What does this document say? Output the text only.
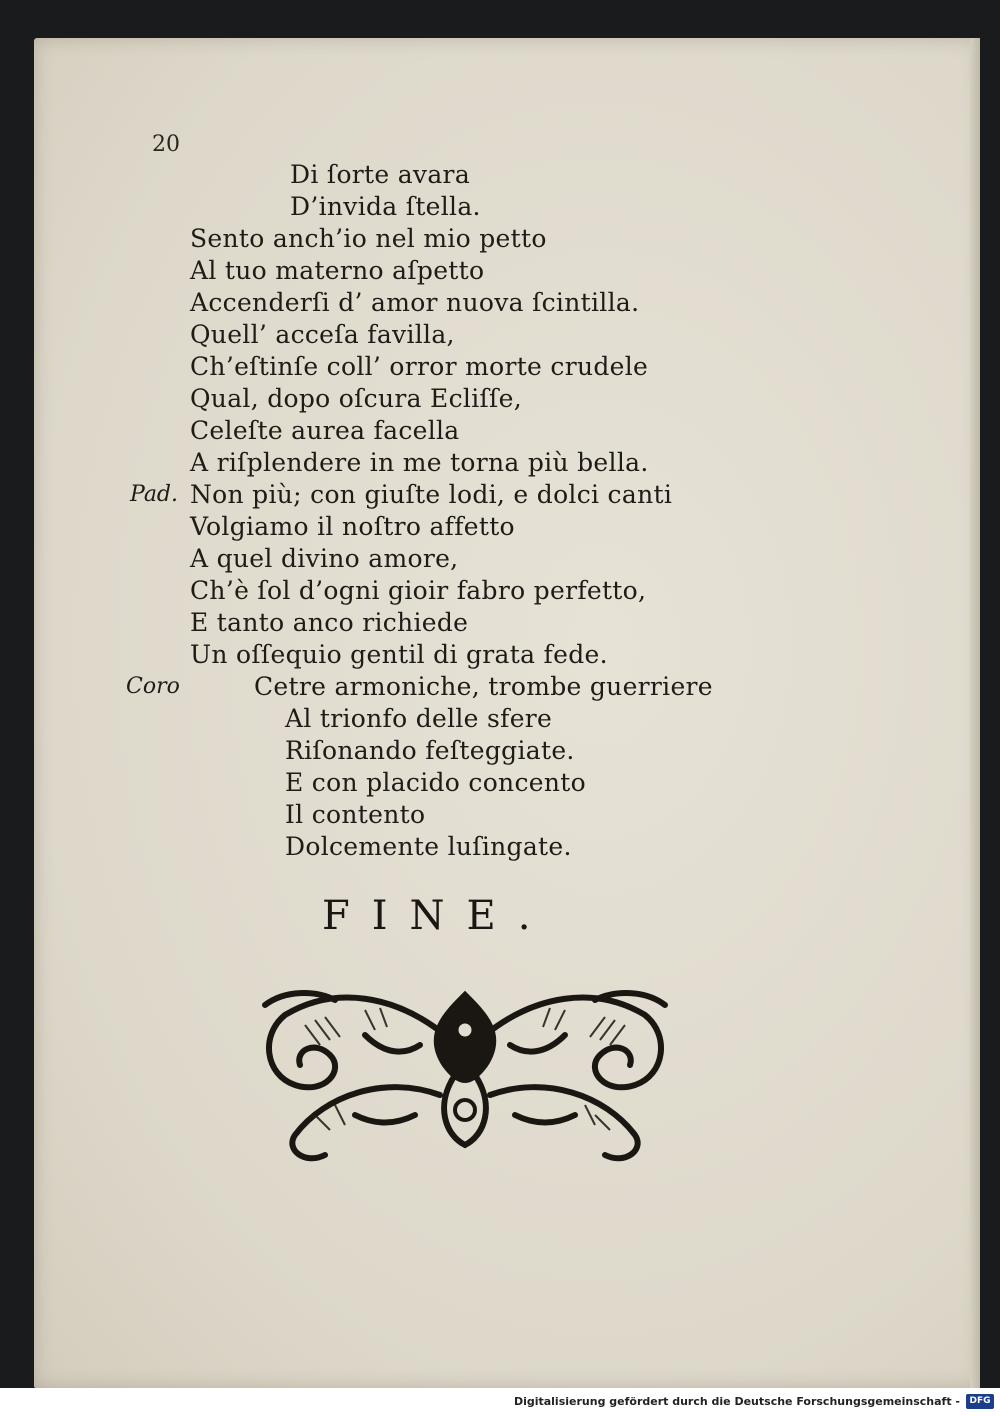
20
Di ſorte avara
D’invida ſtella.
Sento anch’io nel mio petto
Al tuo materno aſpetto
Accenderſi d’ amor nuova ſcintilla.
Quell’ acceſa favilla,
Ch’eſtinſe coll’ orror morte crudele
Qual, dopo oſcura Ecliſſe,
Celeſte aurea facella
A riſplendere in me torna più bella.
Pad. Non più; con giuſte lodi, e dolci canti
Volgiamo il noſtro affetto
A quel divino amore,
Ch’è ſol d’ogni gioir fabro perfetto,
E tanto anco richiede
Un oſſequio gentil di grata fede.
Coro	Cetre armoniche, trombe guerriere
Al trionfo delle sfere
Riſonando feſteggiate.
E con placido concento
Il contento
Dolcemente luſingate.
FINE.
Digitalisierung gefördert durch die Deutsche Forschungsgemeinschaft -	DFG
